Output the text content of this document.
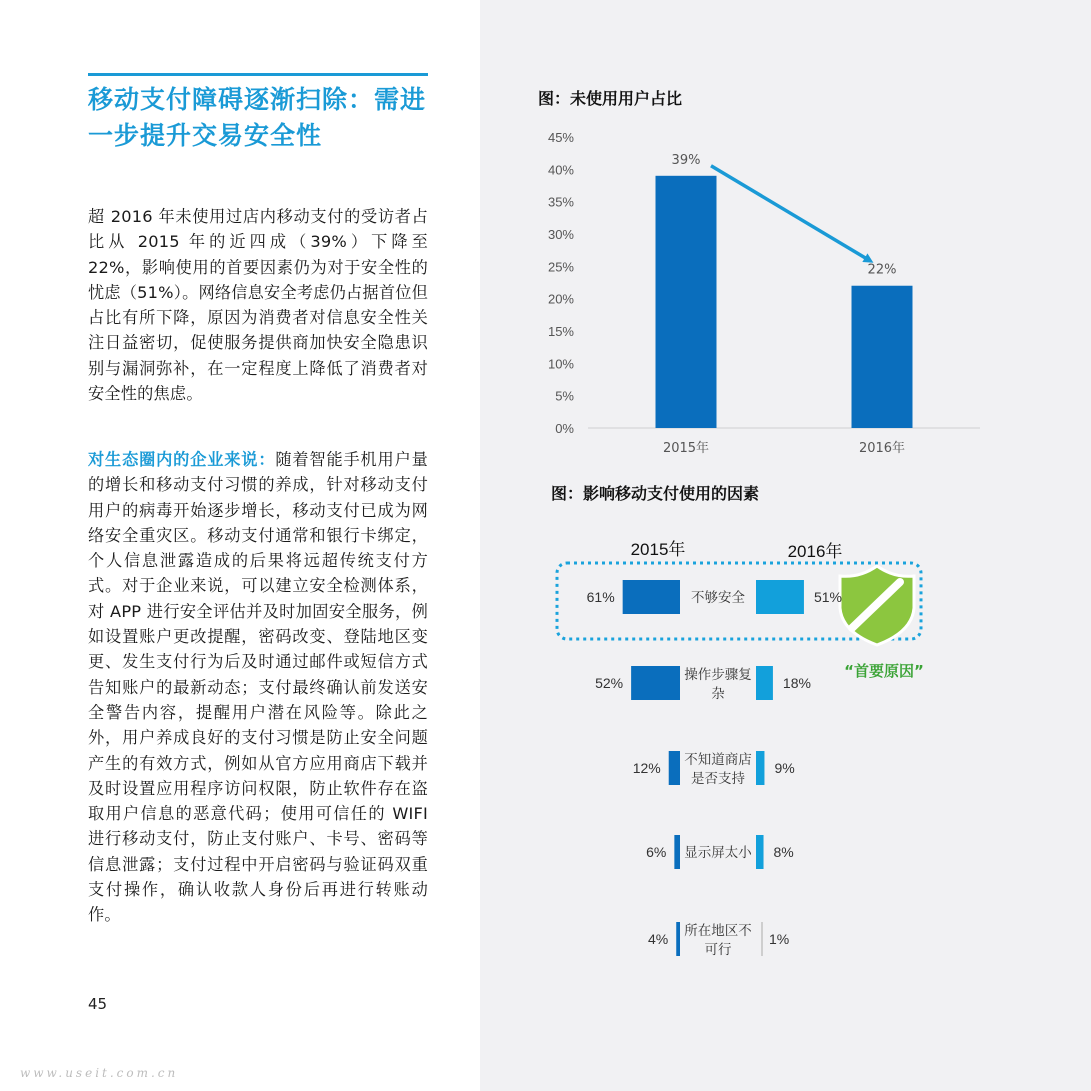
移动支付障碍逐渐扫除：需进
一步提升交易安全性

超 2016 年未使用过店内移动支付的受访者占比从 2015 年的近四成（39%）下降至 22%，影响使用的首要因素仍为对于安全性的忧虑（51%）。网络信息安全考虑仍占据首位但占比有所下降，原因为消费者对信息安全性关注日益密切，促使服务提供商加快安全隐患识别与漏洞弥补，在一定程度上降低了消费者对安全性的焦虑。

对生态圈内的企业来说：随着智能手机用户量的增长和移动支付习惯的养成，针对移动支付用户的病毒开始逐步增长，移动支付已成为网络安全重灾区。移动支付通常和银行卡绑定，个人信息泄露造成的后果将远超传统支付方式。对于企业来说，可以建立安全检测体系，对 APP 进行安全评估并及时加固安全服务，例如设置账户更改提醒，密码改变、登陆地区变更、发生支付行为后及时通过邮件或短信方式告知账户的最新动态；支付最终确认前发送安全警告内容，提醒用户潜在风险等。除此之外，用户养成良好的支付习惯是防止安全问题产生的有效方式，例如从官方应用商店下载并及时设置应用程序访问权限，防止软件存在盗取用户信息的恶意代码；使用可信任的 WIFI 进行移动支付，防止支付账户、卡号、密码等信息泄露；支付过程中开启密码与验证码双重支付操作，确认收款人身份后再进行转账动作。

45
www.useit.com.cn
图：未使用用户占比
图：影响移动支付使用的因素
0%
5%
10%
15%
20%
25%
30%
35%
40%
45%
39%
2015年
22%
2016年
“首要原因”
2015年	2016年
61%	51%
不够安全
52%	18%
操作步骤复
杂
12%	9%
不知道商店
是否支持
6%	8%
显示屏太小
4%	1%
所在地区不
可行
